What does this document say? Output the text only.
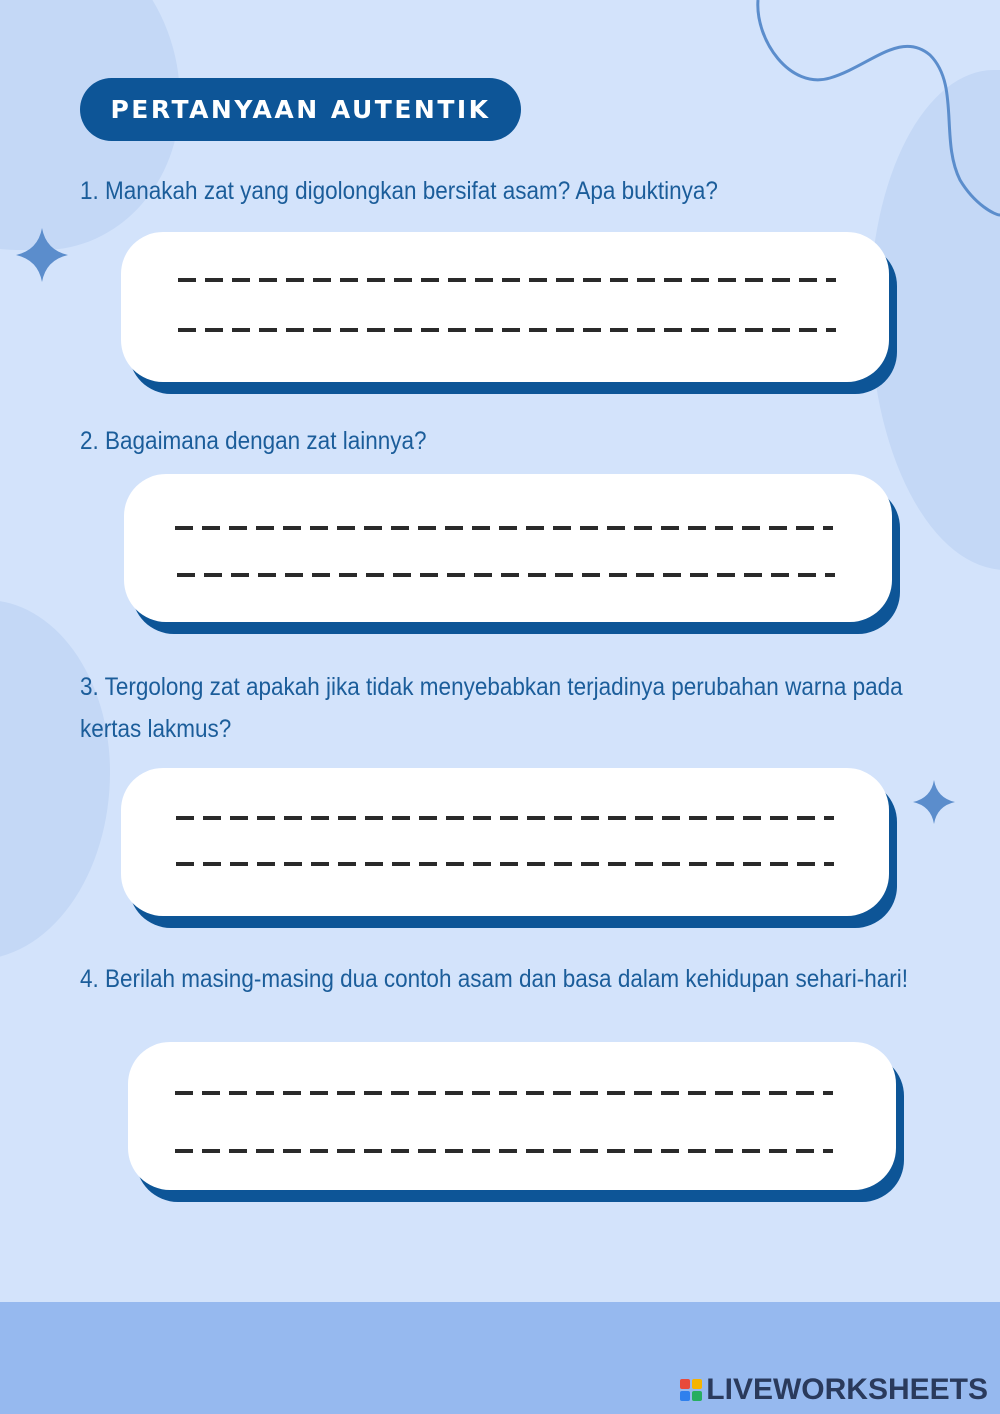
PERTANYAAN AUTENTIK
1. Manakah zat yang digolongkan bersifat asam? Apa buktinya?
2. Bagaimana dengan zat lainnya?
3. Tergolong zat apakah jika tidak menyebabkan terjadinya perubahan warna pada kertas lakmus?
4. Berilah masing-masing dua contoh asam dan basa dalam kehidupan sehari-hari!
LIVEWORKSHEETS
